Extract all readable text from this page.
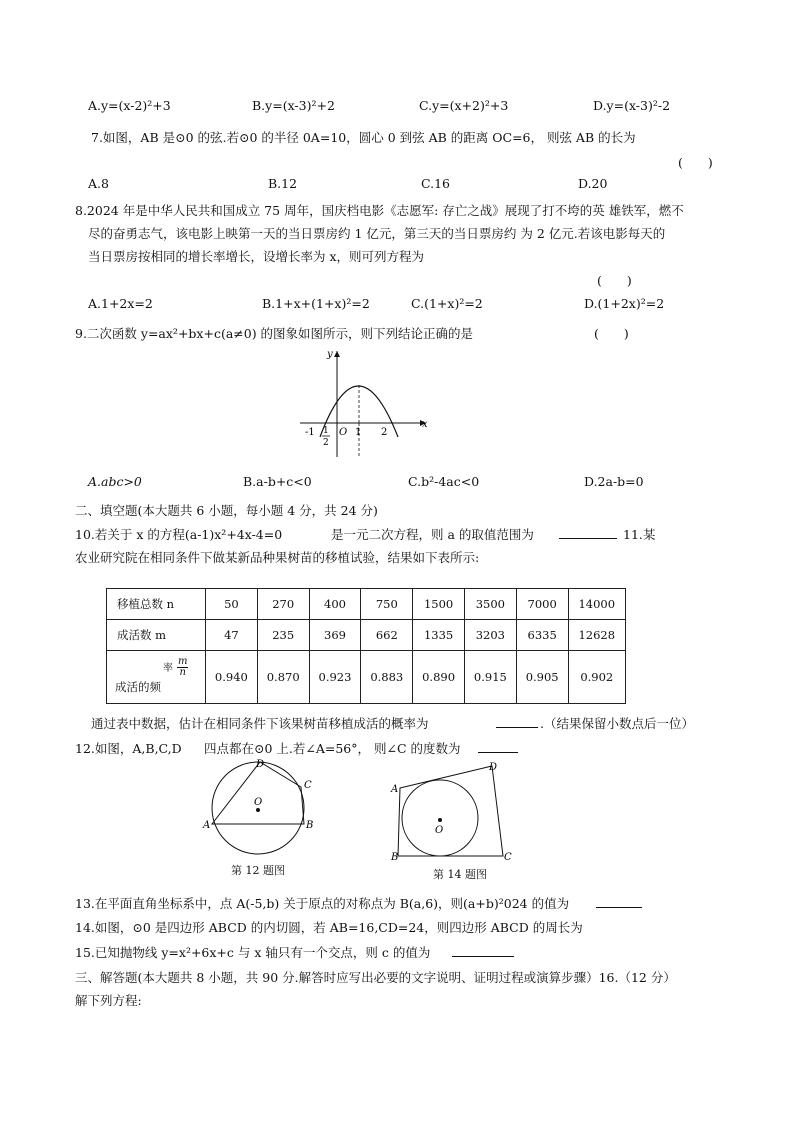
A.y=(x-2)²+3	B.y=(x-3)²+2	C.y=(x+2)²+3	D.y=(x-3)²-2
7.如图，AB 是⊙0 的弦.若⊙0 的半径 0A=10，圆心 0 到弦 AB 的距离 OC=6， 则弦 AB 的长为
(　　)
A.8	B.12	C.16	D.20
8.2024 年是中华人民共和国成立 75 周年，国庆档电影《志愿军: 存亡之战》展现了打不垮的英 雄铁军，燃不
尽的奋勇志气，该电影上映第一天的当日票房约 1 亿元，第三天的当日票房约 为 2 亿元.若该电影每天的
当日票房按相同的增长率增长，设增长率为 x，则可列方程为
(　　)
A.1+2x=2	B.1+x+(1+x)²=2	C.(1+x)²=2	D.(1+2x)²=2
9.二次函数 y=ax²+bx+c(a≠0) 的图象如图所示，则下列结论正确的是	(　　)
y
x
O
-1 1
2
1 2
A.abc>0	B.a-b+c<0	C.b²-4ac<0	D.2a-b=0
二、填空题(本大题共 6 小题，每小题 4 分，共 24 分)
10.若关于 x 的方程(a-1)x²+4x-4=0	是一元二次方程，则 a 的取值范围为	11.某
农业研究院在相同条件下做某新品种果树苗的移植试验，结果如下表所示:
移植总数 n	50	270	400	750	1500	3500	7000	14000
成活数 m	47	235	369	662	1335	3203	6335	12628

成活的频
率 $\frac{m}{n}$	0.940	0.870	0.923	0.883	0.890	0.915	0.905	0.902
通过表中数据，估计在相同条件下该果树苗移植成活的概率为	.（结果保留小数点后一位）
12.如图，A,B,C,D 四点都在⊙0 上.若∠A=56°， 则∠C 的度数为
O
A	B
C
D
第 12 题图
O
A
B	C
D
第 14 题图
13.在平面直角坐标系中，点 A(-5,b) 关于原点的对称点为 B(a,6)，则(a+b)²024 的值为
14.如图，⊙0 是四边形 ABCD 的内切圆，若 AB=16,CD=24，则四边形 ABCD 的周长为
15.已知抛物线 y=x²+6x+c 与 x 轴只有一个交点，则 c 的值为
三、解答题(本大题共 8 小题，共 90 分.解答时应写出必要的文字说明、证明过程或演算步骤）16.（12 分）
解下列方程:
